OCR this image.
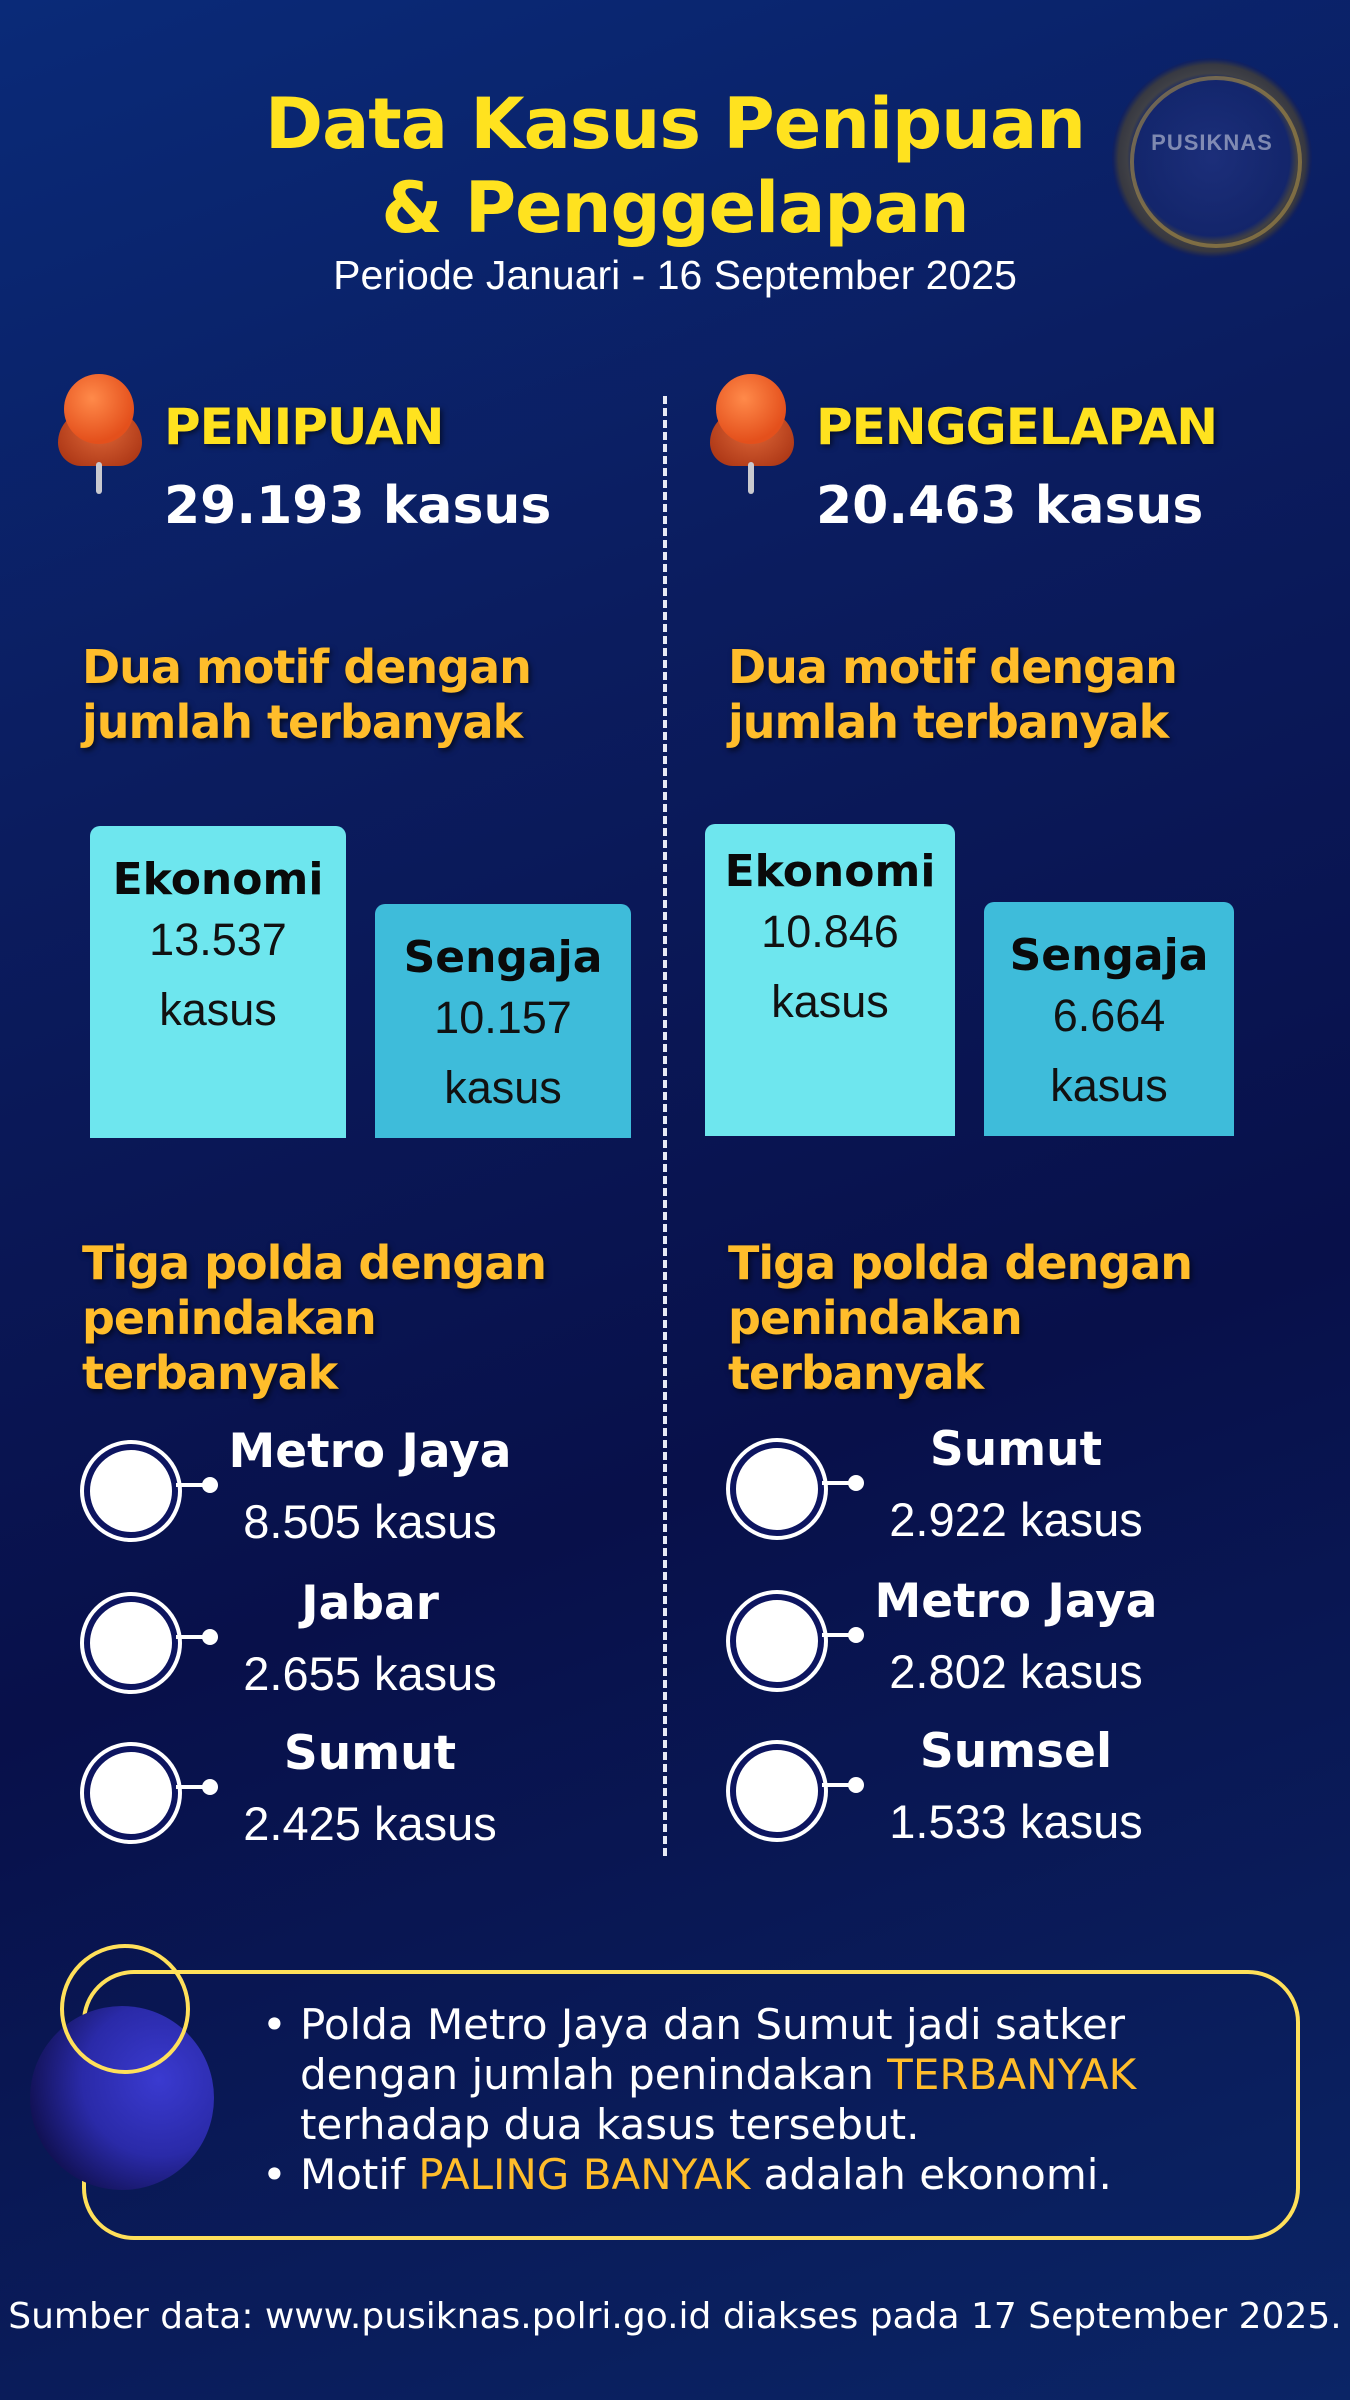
Data Kasus Penipuan
& Penggelapan
Periode Januari - 16 September 2025
PUSIKNAS
PENIPUAN
29.193 kasus
Dua motif dengan
jumlah terbanyak
Ekonomi
13.537
kasus
Sengaja
10.157
kasus
Tiga polda dengan
penindakan
terbanyak
Metro Jaya
8.505 kasus
Jabar
2.655 kasus
Sumut
2.425 kasus
PENGGELAPAN
20.463 kasus
Dua motif dengan
jumlah terbanyak
Ekonomi
10.846
kasus
Sengaja
6.664
kasus
Tiga polda dengan
penindakan
terbanyak
Sumut
2.922 kasus
Metro Jaya
2.802 kasus
Sumsel
1.533 kasus
• Polda Metro Jaya dan Sumut jadi satker dengan jumlah penindakan TERBANYAK terhadap dua kasus tersebut.
• Motif PALING BANYAK adalah ekonomi.
Sumber data: www.pusiknas.polri.go.id diakses pada 17 September 2025.
